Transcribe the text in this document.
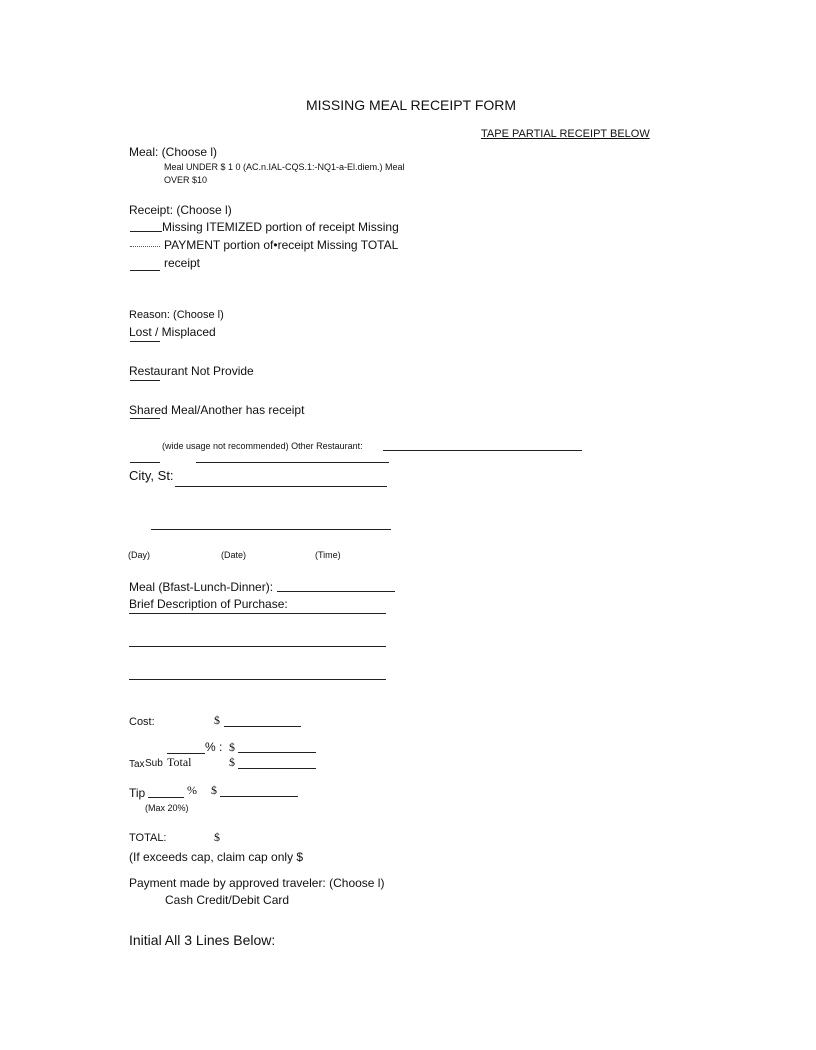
MISSING MEAL RECEIPT FORM
TAPE PARTIAL RECEIPT BELOW
Meal: (Choose l)
Meal UNDER $ 1 0 (AC.n.IAL-CQS.1:-NQ1-a-El.diem.) Meal
OVER $10
Receipt: (Choose l)
Missing ITEMIZED portion of receipt Missing
PAYMENT portion of•receipt Missing TOTAL
receipt
Reason: (Choose l)
Lost / Misplaced
Restaurant Not Provide
Shared Meal/Another has receipt
(wide usage not recommended) Other Restaurant:
City, St:
(Day)	(Date)	(Time)
Meal (Bfast-Lunch-Dinner):
Brief Description of Purchase:
Cost:	$
% : $
Tax Sub Total	$
Tip	% $
(Max 20%)
TOTAL:	$
(If exceeds cap, claim cap only $
Payment made by approved traveler: (Choose l)
Cash Credit/Debit Card
Initial All 3 Lines Below:
